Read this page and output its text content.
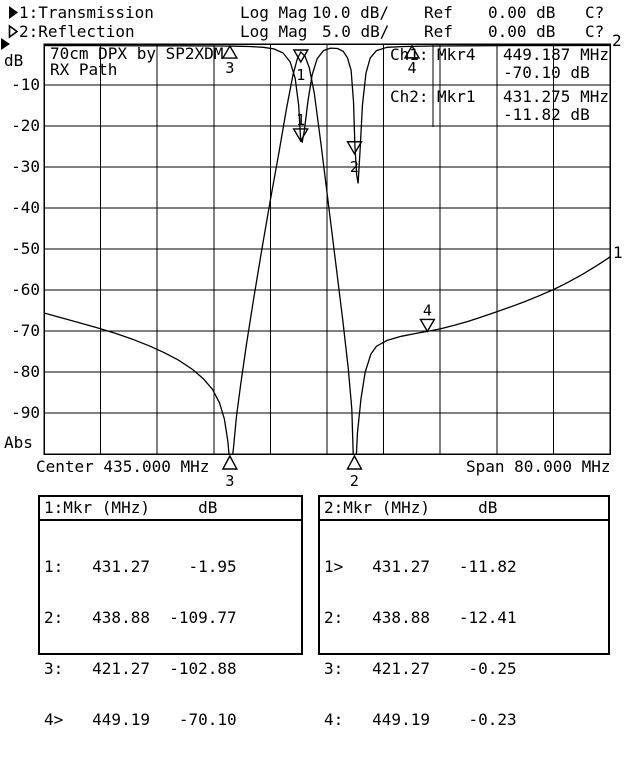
1:Transmission	Log Mag 10.0 dB/ Ref 0.00 dB C?
2:Reflection	Log Mag 5.0 dB/ Ref 0.00 dB C?
1
1
2
4
3	4
3	2
dB
-10
-20
-30
-40
-50
-60
-70
-80
-90
Abs
70cm DPX by SP2XDM
RX Path
Ch1: Mkr4 449.187 MHz
-70.10 dB
Ch2: Mkr1 431.275 MHz
-11.82 dB
2
1
Center 435.000 MHz	Span 80.000 MHz
1:Mkr (MHz)     dB

1:   431.27    -1.95

2:   438.88  -109.77

3:   421.27  -102.88

4>   449.19   -70.10

2:Mkr (MHz)     dB

1>   431.27   -11.82

2:   438.88   -12.41

3:   421.27    -0.25

4:   449.19    -0.23
